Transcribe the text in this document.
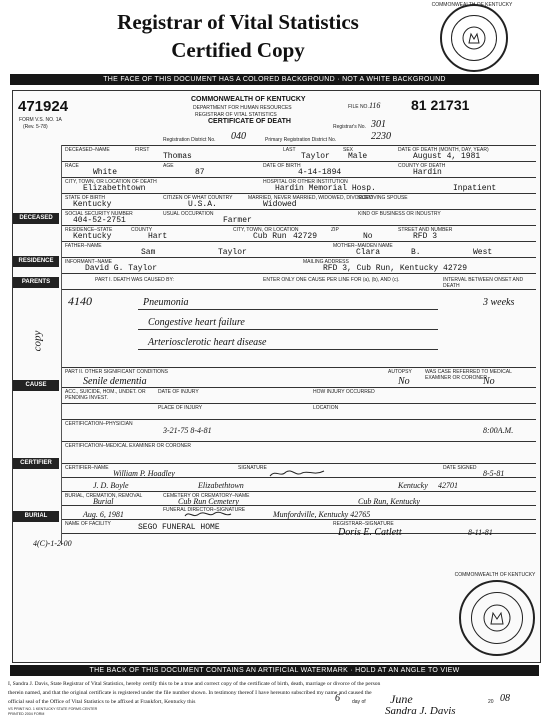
Registrar of Vital Statistics
Certified Copy
COMMONWEALTH OF KENTUCKY
THE FACE OF THIS DOCUMENT HAS A COLORED BACKGROUND · NOT A WHITE BACKGROUND
471924
FORM V.S. NO. 1A
(Rev. 5-78)
COMMONWEALTH OF KENTUCKY
DEPARTMENT FOR HUMAN RESOURCES
REGISTRAR OF VITAL STATISTICS
CERTIFICATE OF DEATH
FILE NO. 116 81 21731
Registrar's No. 301
Registration District No. 040	Primary Registration District No.	2230
DECEASED
RESIDENCE
PARENTS
CAUSE
CERTIFIER
BURIAL
DECEASED–NAME	FIRST	LAST	SEX	DATE OF DEATH (MONTH, DAY, YEAR)
Thomas	Taylor Male	August 4, 1981
RACE	AGE	DATE OF BIRTH	COUNTY OF DEATH
White	87	4-14-1894	Hardin
CITY, TOWN, OR LOCATION OF DEATH	HOSPITAL OR OTHER INSTITUTION
Elizabethtown	Hardin Memorial Hosp.	Inpatient
STATE OF BIRTH	CITIZEN OF WHAT COUNTRY	MARRIED, NEVER MARRIED, WIDOWED, DIVORCED
SURVIVING SPOUSE
Kentucky	U.S.A.	Widowed
SOCIAL SECURITY NUMBER	USUAL OCCUPATION	KIND OF BUSINESS OR INDUSTRY
404-52-2751	Farmer
RESIDENCE–STATE	COUNTY	CITY, TOWN, OR LOCATION	ZIP	STREET AND NUMBER
Kentucky	Hart	Cub Run 42729	No	RFD 3
FATHER–NAME	MOTHER–MAIDEN NAME
Sam	Taylor	Clara	B.	West
INFORMANT–NAME	MAILING ADDRESS
David G. Taylor	RFD 3, Cub Run, Kentucky 42729
PART I. DEATH WAS CAUSED BY:	ENTER ONLY ONE CAUSE PER LINE FOR (a), (b), AND (c).	INTERVAL BETWEEN ONSET AND DEATH
4140	Pneumonia	3 weeks
Congestive heart failure
Arteriosclerotic heart disease
PART II. OTHER SIGNIFICANT CONDITIONS	AUTOPSY	WAS CASE REFERRED TO MEDICAL EXAMINER OR CORONER
Senile dementia	No	No
ACC., SUICIDE, HOM., UNDET. OR PENDING INVEST.
DATE OF INJURY	HOW INJURY OCCURRED
PLACE OF INJURY	LOCATION
CERTIFICATION–PHYSICIAN
3-21-75 8-4-81	8:00A.M.
CERTIFICATION–MEDICAL EXAMINER OR CORONER
CERTIFIER–NAME	SIGNATURE	DATE SIGNED
William P. Hoadley	8-5-81
J. D. Boyle	Elizabethtown	Kentucky 42701
BURIAL, CREMATION, REMOVAL	CEMETERY OR CREMATORY–NAME
Burial	Cub Run Cemetery	Cub Run, Kentucky
FUNERAL DIRECTOR–SIGNATURE
Aug. 6, 1981	Munfordville, Kentucky 42765
NAME OF FACILITY	SEGO FUNERAL HOME	REGISTRAR–SIGNATURE
Doris E. Catlett	8-11-81
copy
4(C)-1-2-00
COMMONWEALTH OF KENTUCKY
THE BACK OF THIS DOCUMENT CONTAINS AN ARTIFICIAL WATERMARK · HOLD AT AN ANGLE TO VIEW
I, Sandra J. Davis, State Registrar of Vital Statistics, hereby certify this to be a true and correct copy of the certificate of birth, death, marriage or divorce of the person
therein named, and that the original certificate is registered under the file number shown. In testimony thereof I have hereunto subscribed my name and caused the
official seal of the Office of Vital Statistics to be affixed at Frankfort, Kentucky this	6 day of June	20 08
VS PRINT NO. 1 KENTUCKY STATE FORMS CENTER
PRINTED 2004 FORM	Sandra J. Davis
